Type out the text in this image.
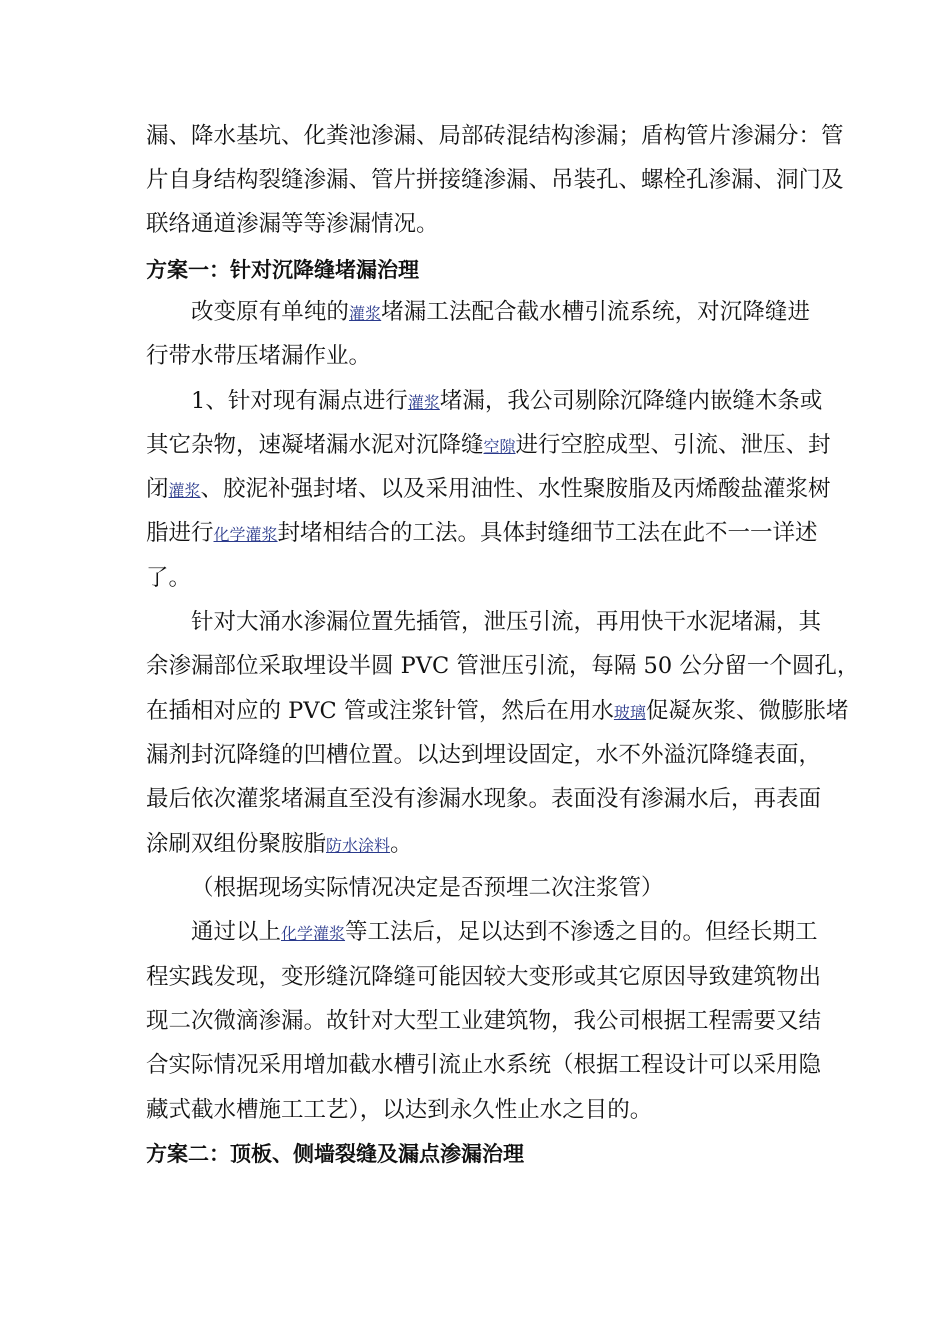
漏、降水基坑、化粪池渗漏、局部砖混结构渗漏；盾构管片渗漏分：管
片自身结构裂缝渗漏、管片拼接缝渗漏、吊装孔、螺栓孔渗漏、洞门及
联络通道渗漏等等渗漏情况。
方案一：针对沉降缝堵漏治理
改变原有单纯的灌浆堵漏工法配合截水槽引流系统，对沉降缝进
行带水带压堵漏作业。
1、针对现有漏点进行灌浆堵漏，我公司剔除沉降缝内嵌缝木条或
其它杂物，速凝堵漏水泥对沉降缝空隙进行空腔成型、引流、泄压、封
闭灌浆、胶泥补强封堵、以及采用油性、水性聚胺脂及丙烯酸盐灌浆树
脂进行化学灌浆封堵相结合的工法。具体封缝细节工法在此不一一详述
了。
针对大涌水渗漏位置先插管，泄压引流，再用快干水泥堵漏，其
余渗漏部位采取埋设半圆 PVC 管泄压引流，每隔 50 公分留一个圆孔，
在插相对应的 PVC 管或注浆针管，然后在用水玻璃促凝灰浆、微膨胀堵
漏剂封沉降缝的凹槽位置。以达到埋设固定，水不外溢沉降缝表面，
最后依次灌浆堵漏直至没有渗漏水现象。表面没有渗漏水后，再表面
涂刷双组份聚胺脂防水涂料。
（根据现场实际情况决定是否预埋二次注浆管）
通过以上化学灌浆等工法后，足以达到不渗透之目的。但经长期工
程实践发现，变形缝沉降缝可能因较大变形或其它原因导致建筑物出
现二次微滴渗漏。故针对大型工业建筑物，我公司根据工程需要又结
合实际情况采用增加截水槽引流止水系统（根据工程设计可以采用隐
藏式截水槽施工工艺），以达到永久性止水之目的。
方案二：顶板、侧墙裂缝及漏点渗漏治理
